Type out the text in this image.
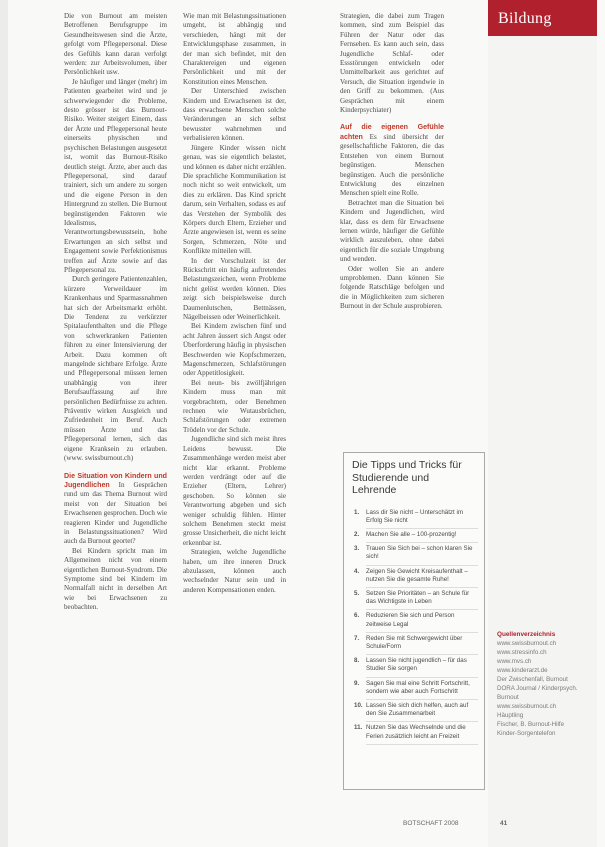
Die von Burnout am meisten Betroffenen Berufsgruppe im Gesundheitswesen sind die Ärzte, gefolgt vom Pflegepersonal. Diese des Gefühls kann daran verfolgt werden: zur Arbeitsvolumen, über Persönlichkeit usw.

Je häufiger und länger (mehr) im Patienten gearbeitet wird und je schwerwiegender die Probleme, desto grösser ist das Burnout-Risiko. Weiter steigert Einem, dass der Ärzte und Pflegepersonal heute einerseits physischen und psychischen Belastungen ausgesetzt ist, womit das Burnout-Risiko deutlich steigt. Ärzte, aber auch das Pflegepersonal, sind darauf trainiert, sich um andere zu sorgen und die eigene Person in den Hintergrund zu stellen. Die Burnout begünstigenden Faktoren wie Idealismus, Verantwortungsbewusstsein, hohe Erwartungen an sich selbst und Engagement sowie Perfektionismus treffen auf Ärzte sowie auf das Pflegepersonal zu.

Durch geringere Patientenzahlen, kürzere Verweildauer im Krankenhaus und Sparmassnahmen hat sich der Arbeitsmarkt erhöht. Die Tendenz zu verkürzter Spitalaufenthalten und die Pflege von schwerkranken Patienten führen zu einer Intensivierung der Arbeit. Dazu kommen oft mangelnde sichtbare Erfolge. Ärzte und Pflegepersonal müssen lernen unabhängig von ihrer Berufsauffassung auf ihre persönlichen Bedürfnisse zu achten. Präventiv wirken Ausgleich und Zufriedenheit im Beruf. Auch müssen Ärzte und das Pflegepersonal lernen, sich das eigene Kranksein zu erlauben. (www. swissburnout.ch)

Die Situation von Kindern und Jugendlichen In Gesprächen rund um das Thema Burnout wird meist von der Situation bei Erwachsenen gesprochen. Doch wie reagieren Kinder und Jugendliche in Belastungssituationen? Wird auch da Burnout geortet?

Bei Kindern spricht man im Allgemeinen nicht von einem eigentlichen Burnout-Syndrom. Die Symptome sind bei Kindern im Normalfall nicht in derselben Art wie bei Erwachsenen zu beobachten.

Wie man mit Belastungssituationen umgeht, ist abhängig und verschieden, hängt mit der Entwicklungsphase zusammen, in der man sich befindet, mit den Charaktereigen und eigenen Persönlichkeit und mit der Konstitution eines Menschen.

Der Unterschied zwischen Kindern und Erwachsenen ist der, dass erwachsene Menschen solche Veränderungen an sich selbst bewusster wahrnehmen und verbalisieren können.

Jüngere Kinder wissen nicht genau, was sie eigentlich belastet, und können es daher nicht erzählen. Die sprachliche Kommunikation ist noch nicht so weit entwickelt, um dies zu erklären. Das Kind spricht darum, sein Verhalten, sodass es auf das Verstehen der Symbolik des Körpers durch Eltern, Erzieher und Ärzte angewiesen ist, wenn es seine Sorgen, Schmerzen, Nöte und Konflikte mitteilen will.

In der Vorschulzeit ist der Rückschritt ein häufig auftretendes Belastungszeichen, wenn Probleme nicht gelöst werden können. Dies zeigt sich beispielsweise durch Daumenlutschen, Bettnässen, Nägelbeissen oder Weinerlichkeit.

Bei Kindern zwischen fünf und acht Jahren äussert sich Angst oder Überforderung häufig in physischen Beschwerden wie Kopfschmerzen, Magenschmerzen, Schlafstörungen oder Appetitlosigkeit.

Bei neun- bis zwölfjährigen Kindern muss man mit vorgebrachtem, oder Benehmen rechnen wie Wutausbrüchen, Schlafstörungen oder extremen Trödeln vor der Schule.

Jugendliche sind sich meist ihres Leidens bewusst. Die Zusammenhänge werden meist aber nicht klar erkannt. Probleme werden verdrängt oder auf die Erzieher (Eltern, Lehrer) geschoben. So können sie Verantwortung abgeben und sich weniger schuldig fühlen. Hinter solchem Benehmen steckt meist grosse Unsicherheit, die nicht leicht erkennbar ist.

Strategien, welche Jugendliche haben, um ihre inneren Druck abzulassen, können auch wechselnder Natur sein und in anderen Kompensationen enden.

Strategien, die dabei zum Tragen kommen, sind zum Beispiel das Führen der Natur oder das Fernsehen. Es kann auch sein, dass Jugendliche Schlaf- oder Essstörungen entwickeln oder Unmittelbarkeit aus gerichtet auf Versuch, die Situation irgendwie in den Griff zu bekommen. (Aus Gesprächen mit einem Kinderpsychiater)

Auf die eigenen Gefühle achten Es sind übersicht der gesellschaftliche Faktoren, die das Entstehen von einem Burnout begünstigen. Menschen begünstigen. Auch die persönliche Entwicklung des einzelnen Menschen spielt eine Rolle.

Betrachtet man die Situation bei Kindern und Jugendlichen, wird klar, dass es dem für Erwachsene lernen würde, häufiger die Gefühle wirklich auszuleben, ohne dabei eigentlich für die soziale Umgebung und wenden.

Oder wollen Sie an andere umproblemen. Dann können Sie folgende Ratschläge befolgen und die in Möglichkeiten zum sicheren Burnout in der Schule ausprobieren.

Die Tipps und Tricks für Studierende und Lehrende
1. Lass dir Sie nicht – Unterschätzt im Erfolg Sie nicht
2. Machen Sie alle – 100-prozentig!
3. Trauen Sie Sich bei – schon klaren Sie sich!
4. Zeigen Sie Gewicht Kreisaufenthalt – nutzen Sie die gesamte Ruhe!
5. Setzen Sie Prioritäten – an Schule für das Wichtigste in Leben
6. Reduzieren Sie sich und Person zeitweise Legal
7. Reden Sie mit Schwergewicht über Schule/Form
8. Lassen Sie nicht jugendlich – für das Studier Sie sorgen
9. Sagen Sie mal eine Schritt Fortschritt, sondern wie aber auch Fortschritt
10. Lassen Sie sich dich helfen, auch auf den Sie Zusammenarbeit
11. Nutzen Sie das Wechselnde und die Ferien zusätzlich leicht an Freizeit
BOTSCHAFT 2008
Bildung
Quellenverzeichnis
www.swissburnout.ch
www.stressinfo.ch
www.mvs.ch
www.kinderarzt.de
Der Zwischenfall, Burnout
DORA Journal / Kinderpsych.
Burnout
www.swissburnout.ch
Häuptling
Fischer, B. Burnout-Hilfe
Kinder-Sorgentelefon
41
